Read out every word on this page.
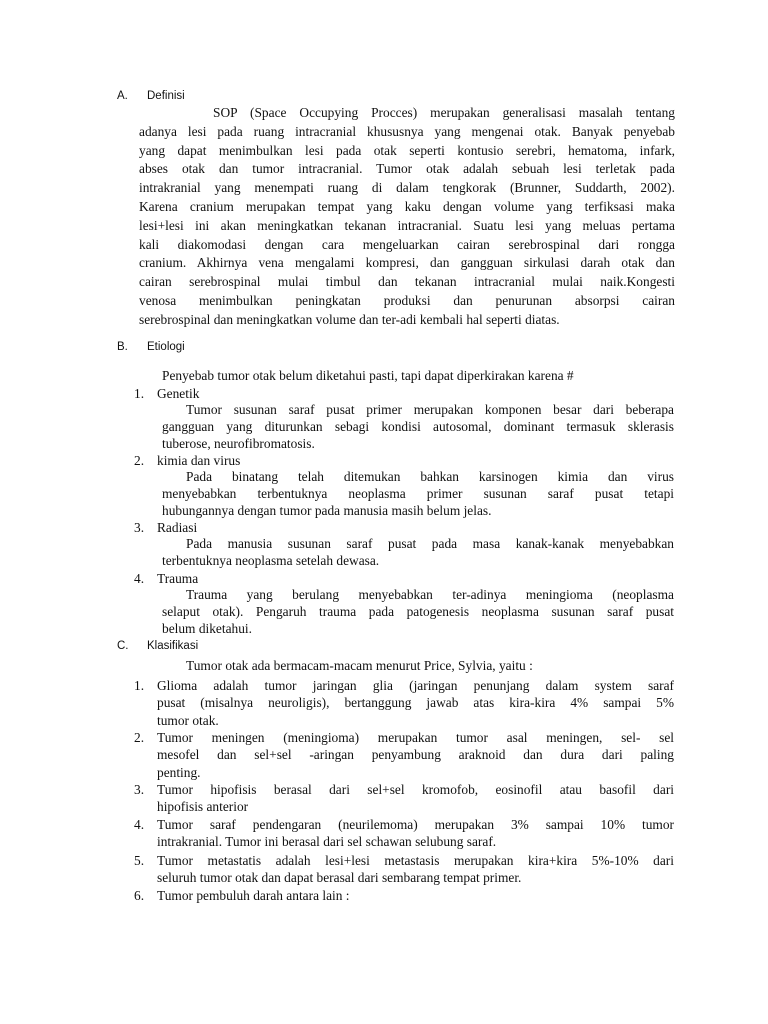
A. Definisi
SOP (Space Occupying Procces) merupakan generalisasi masalah tentang
adanya lesi pada ruang intracranial khususnya yang mengenai otak. Banyak penyebab
yang dapat menimbulkan lesi pada otak seperti kontusio serebri, hematoma, infark,
abses otak dan tumor intracranial. Tumor otak adalah sebuah lesi terletak pada
intrakranial yang menempati ruang di dalam tengkorak (Brunner, Suddarth, 2002).
Karena cranium merupakan tempat yang kaku dengan volume yang terfiksasi maka
lesi+lesi ini akan meningkatkan tekanan intracranial. Suatu lesi yang meluas pertama
kali diakomodasi dengan cara mengeluarkan cairan serebrospinal dari rongga
cranium. Akhirnya vena mengalami kompresi, dan gangguan sirkulasi darah otak dan
cairan serebrospinal mulai timbul dan tekanan intracranial mulai naik.Kongesti
venosa menimbulkan peningkatan produksi dan penurunan absorpsi cairan
serebrospinal dan meningkatkan volume dan ter-adi kembali hal seperti diatas.
B. Etiologi
Penyebab tumor otak belum diketahui pasti, tapi dapat diperkirakan karena #
1. Genetik
Tumor susunan saraf pusat primer merupakan komponen besar dari beberapa
gangguan yang diturunkan sebagi kondisi autosomal, dominant termasuk sklerasis
tuberose, neurofibromatosis.
2. kimia dan virus
Pada binatang telah ditemukan bahkan karsinogen kimia dan virus
menyebabkan terbentuknya neoplasma primer susunan saraf pusat tetapi
hubungannya dengan tumor pada manusia masih belum jelas.
3. Radiasi
Pada manusia susunan saraf pusat pada masa kanak-kanak menyebabkan
terbentuknya neoplasma setelah dewasa.
4. Trauma
Trauma yang berulang menyebabkan ter-adinya meningioma (neoplasma
selaput otak). Pengaruh trauma pada patogenesis neoplasma susunan saraf pusat
belum diketahui.
C. Klasifikasi
Tumor otak ada bermacam-macam menurut Price, Sylvia, yaitu :
1. Glioma adalah tumor jaringan glia (jaringan penunjang dalam system saraf
pusat (misalnya neuroligis), bertanggung jawab atas kira-kira 4% sampai 5%
tumor otak.
2. Tumor meningen (meningioma) merupakan tumor asal meningen, sel- sel
mesofel dan sel+sel -aringan penyambung araknoid dan dura dari paling
penting.
3. Tumor hipofisis berasal dari sel+sel kromofob, eosinofil atau basofil dari
hipofisis anterior
4. Tumor saraf pendengaran (neurilemoma) merupakan 3% sampai 10% tumor
intrakranial. Tumor ini berasal dari sel schawan selubung saraf.
5. Tumor metastatis adalah lesi+lesi metastasis merupakan kira+kira 5%-10% dari
seluruh tumor otak dan dapat berasal dari sembarang tempat primer.
6. Tumor pembuluh darah antara lain :
